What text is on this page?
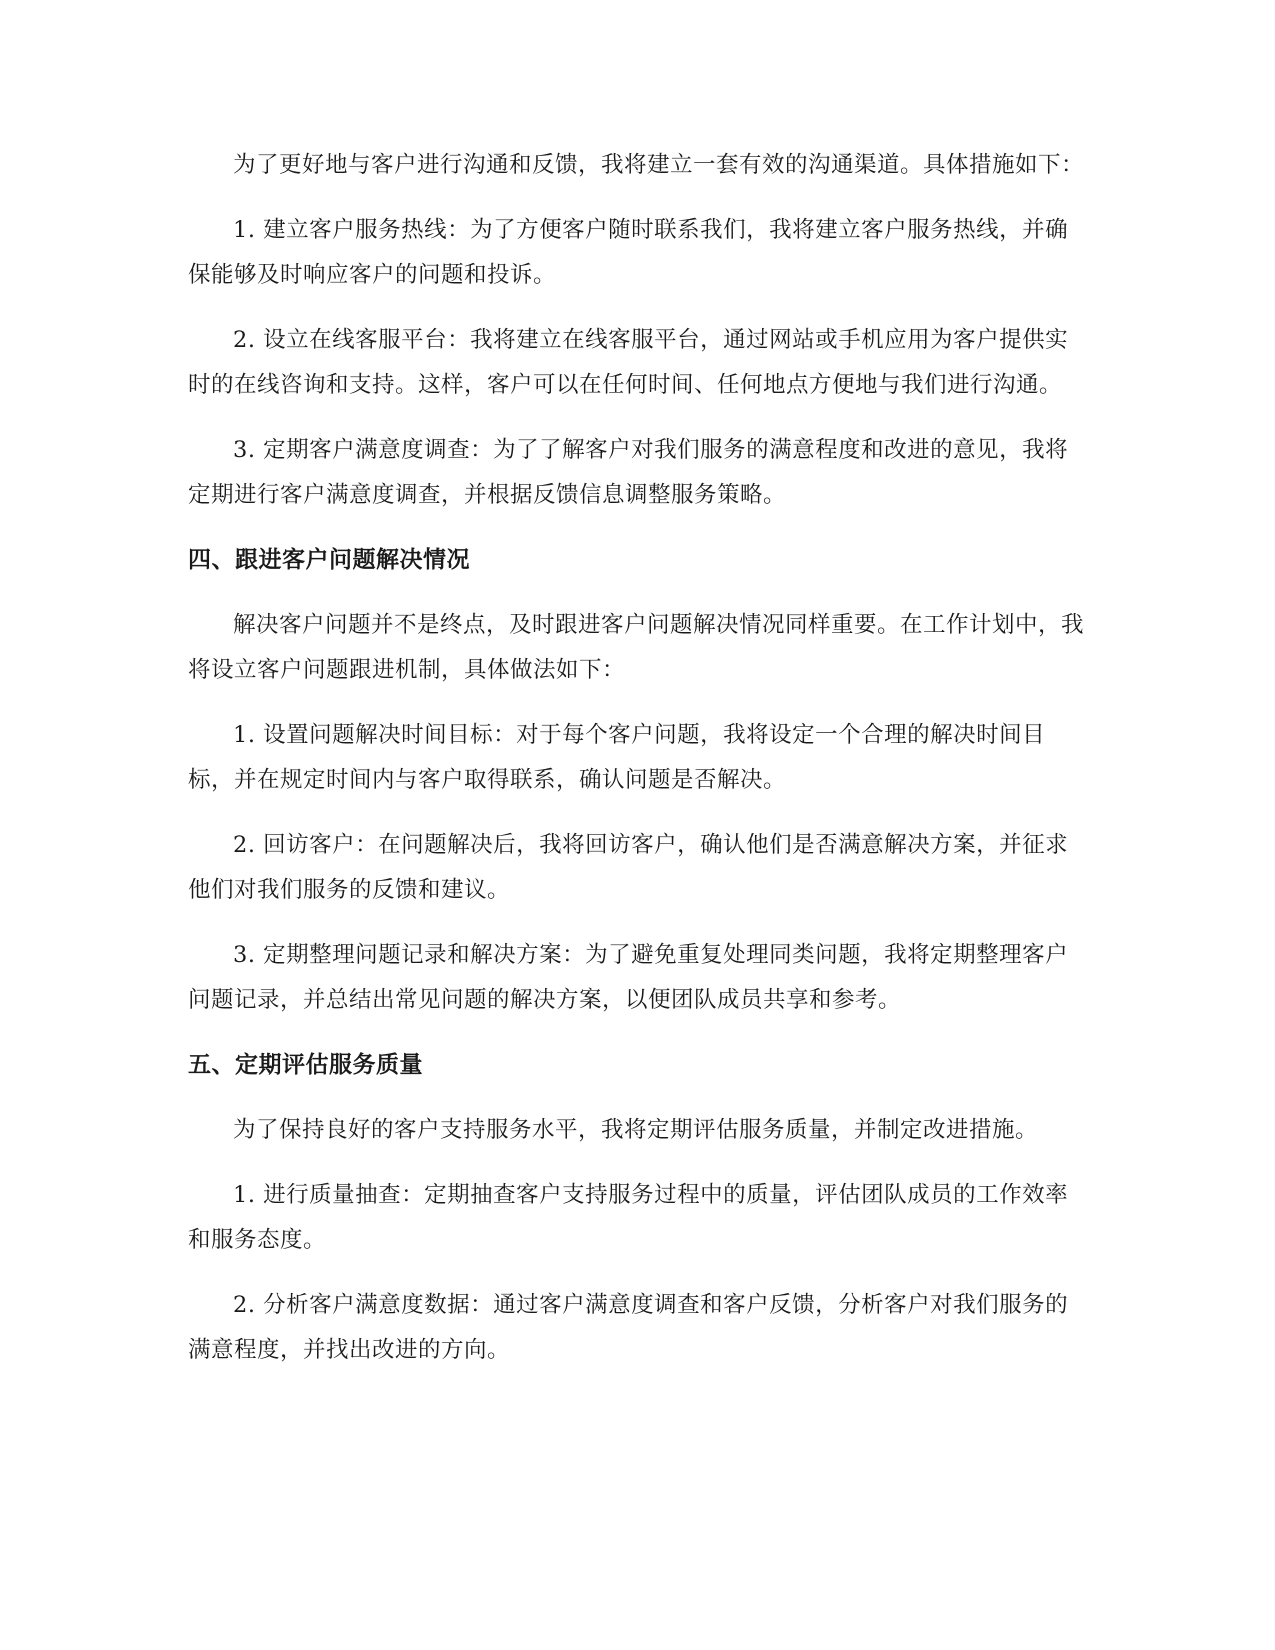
为了更好地与客户进行沟通和反馈，我将建立一套有效的沟通渠道。具体措施如下：

1. 建立客户服务热线：为了方便客户随时联系我们，我将建立客户服务热线，并确保能够及时响应客户的问题和投诉。

2. 设立在线客服平台：我将建立在线客服平台，通过网站或手机应用为客户提供实时的在线咨询和支持。这样，客户可以在任何时间、任何地点方便地与我们进行沟通。

3. 定期客户满意度调查：为了了解客户对我们服务的满意程度和改进的意见，我将定期进行客户满意度调查，并根据反馈信息调整服务策略。

四、跟进客户问题解决情况

解决客户问题并不是终点，及时跟进客户问题解决情况同样重要。在工作计划中，我将设立客户问题跟进机制，具体做法如下：

1. 设置问题解决时间目标：对于每个客户问题，我将设定一个合理的解决时间目标，并在规定时间内与客户取得联系，确认问题是否解决。

2. 回访客户：在问题解决后，我将回访客户，确认他们是否满意解决方案，并征求他们对我们服务的反馈和建议。

3. 定期整理问题记录和解决方案：为了避免重复处理同类问题，我将定期整理客户问题记录，并总结出常见问题的解决方案，以便团队成员共享和参考。

五、定期评估服务质量

为了保持良好的客户支持服务水平，我将定期评估服务质量，并制定改进措施。

1. 进行质量抽查：定期抽查客户支持服务过程中的质量，评估团队成员的工作效率和服务态度。

2. 分析客户满意度数据：通过客户满意度调查和客户反馈，分析客户对我们服务的满意程度，并找出改进的方向。
